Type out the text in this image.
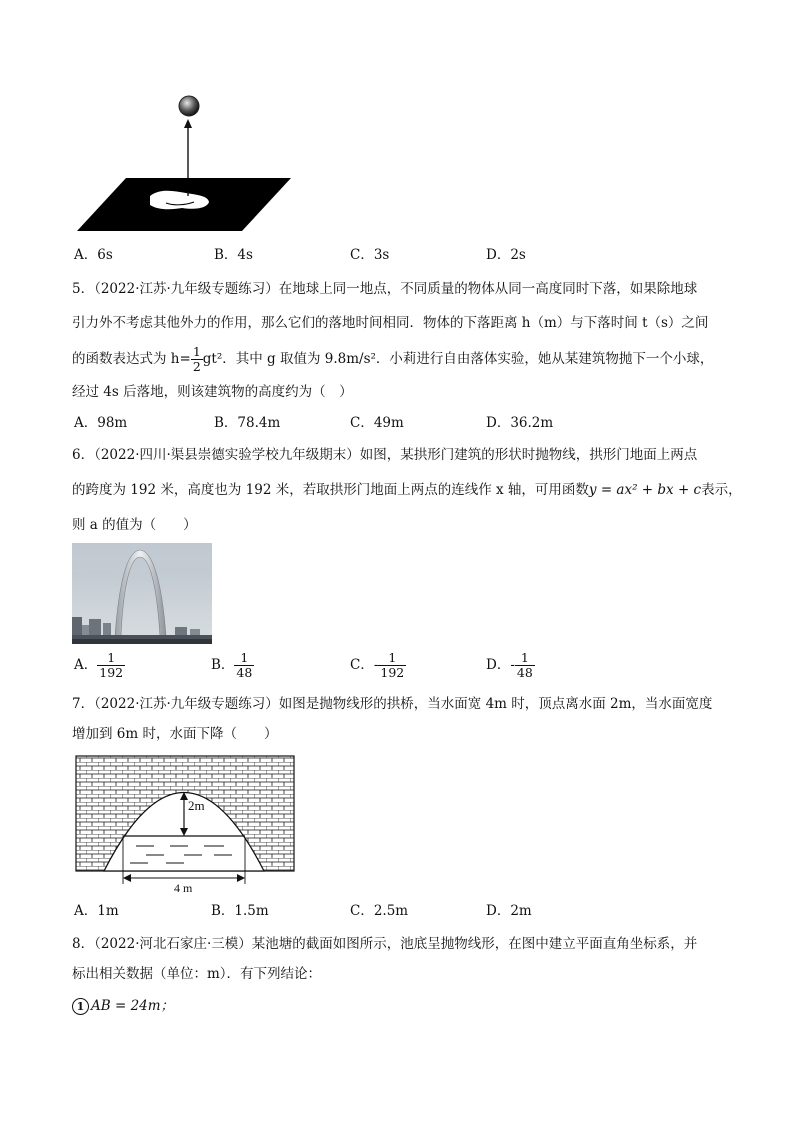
A．6s	B．4s	C．3s	D．2s
5．（2022·江苏·九年级专题练习）在地球上同一地点，不同质量的物体从同一高度同时下落，如果除地球
引力外不考虑其他外力的作用，那么它们的落地时间相同．物体的下落距离 h（m）与下落时间 t（s）之间
的函数表达式为 $h= \frac{1}{2} gt^2$．其中 g 取值为 9.8m/s²．小莉进行自由落体实验，她从某建筑物抛下一个小球，
经过 4s 后落地，则该建筑物的高度约为（　）
A．98m	B．78.4m	C．49m	D．36.2m
6．（2022·四川·渠县崇德实验学校九年级期末）如图，某拱形门建筑的形状时抛物线，拱形门地面上两点
的跨度为 192 米，高度也为 192 米，若取拱形门地面上两点的连线作 x 轴，可用函数y = ax² + bx + c表示，
则 a 的值为（　　）
A． $\frac{1}{192}$	B． $\frac{1}{48}$	C．- $\frac{1}{192}$	D．- $\frac{1}{48}$
7．（2022·江苏·九年级专题练习）如图是抛物线形的拱桥，当水面宽 4m 时，顶点离水面 2m，当水面宽度
增加到 6m 时，水面下降（　　）
2m
4 m
A．1m	B．1.5m	C．2.5m	D．2m
8．（2022·河北石家庄·三模）某池塘的截面如图所示，池底呈抛物线形，在图中建立平面直角坐标系，并
标出相关数据（单位：m）．有下列结论：
1 AB = 24m；
